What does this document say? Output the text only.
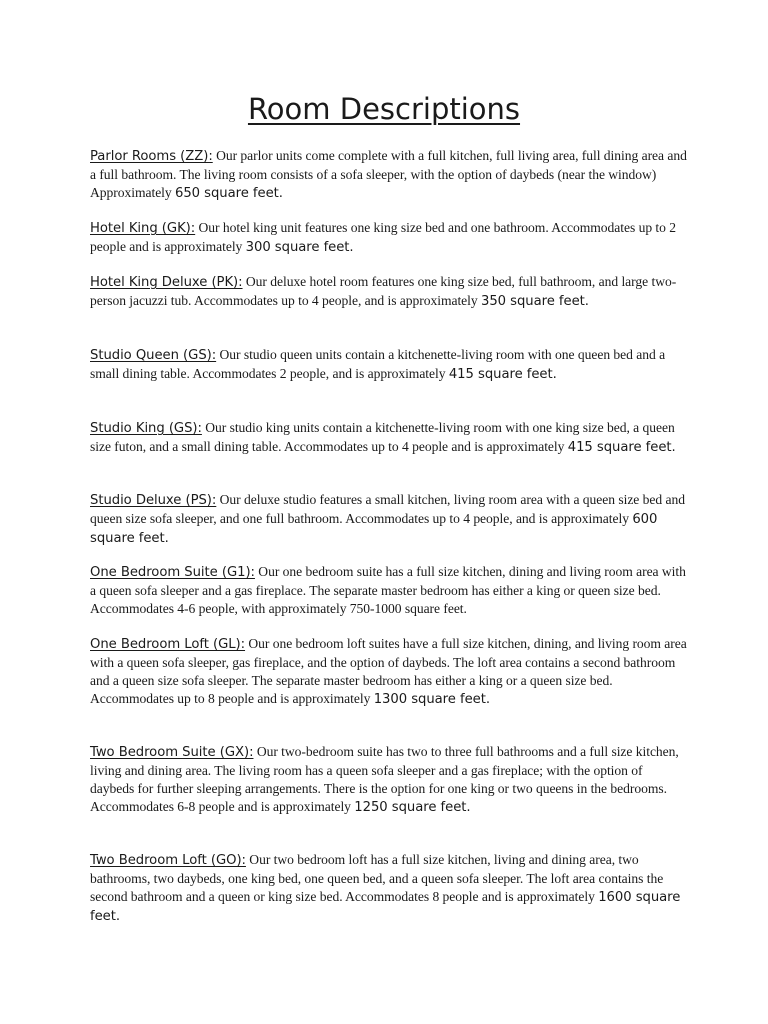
Room Descriptions

Parlor Rooms (ZZ): Our parlor units come complete with a full kitchen, full living area, full dining area and a full bathroom. The living room consists of a sofa sleeper, with the option of daybeds (near the window) Approximately 650 square feet.

Hotel King (GK): Our hotel king unit features one king size bed and one bathroom. Accommodates up to 2 people and is approximately 300 square feet.

Hotel King Deluxe (PK): Our deluxe hotel room features one king size bed, full bathroom, and large two-person jacuzzi tub. Accommodates up to 4 people, and is approximately 350 square feet.

Studio Queen (GS): Our studio queen units contain a kitchenette-living room with one queen bed and a small dining table. Accommodates 2 people, and is approximately 415 square feet.

Studio King (GS): Our studio king units contain a kitchenette-living room with one king size bed, a queen size futon, and a small dining table. Accommodates up to 4 people and is approximately 415 square feet.

Studio Deluxe (PS): Our deluxe studio features a small kitchen, living room area with a queen size bed and queen size sofa sleeper, and one full bathroom. Accommodates up to 4 people, and is approximately 600 square feet.

One Bedroom Suite (G1): Our one bedroom suite has a full size kitchen, dining and living room area with a queen sofa sleeper and a gas fireplace. The separate master bedroom has either a king or queen size bed. Accommodates 4-6 people, with approximately 750-1000 square feet.

One Bedroom Loft (GL): Our one bedroom loft suites have a full size kitchen, dining, and living room area with a queen sofa sleeper, gas fireplace, and the option of daybeds. The loft area contains a second bathroom and a queen size sofa sleeper. The separate master bedroom has either a king or a queen size bed. Accommodates up to 8 people and is approximately 1300 square feet.

Two Bedroom Suite (GX): Our two-bedroom suite has two to three full bathrooms and a full size kitchen, living and dining area. The living room has a queen sofa sleeper and a gas fireplace; with the option of daybeds for further sleeping arrangements. There is the option for one king or two queens in the bedrooms. Accommodates 6-8 people and is approximately 1250 square feet.

Two Bedroom Loft (GO): Our two bedroom loft has a full size kitchen, living and dining area, two bathrooms, two daybeds, one king bed, one queen bed, and a queen sofa sleeper. The loft area contains the second bathroom and a queen or king size bed. Accommodates 8 people and is approximately 1600 square feet.
